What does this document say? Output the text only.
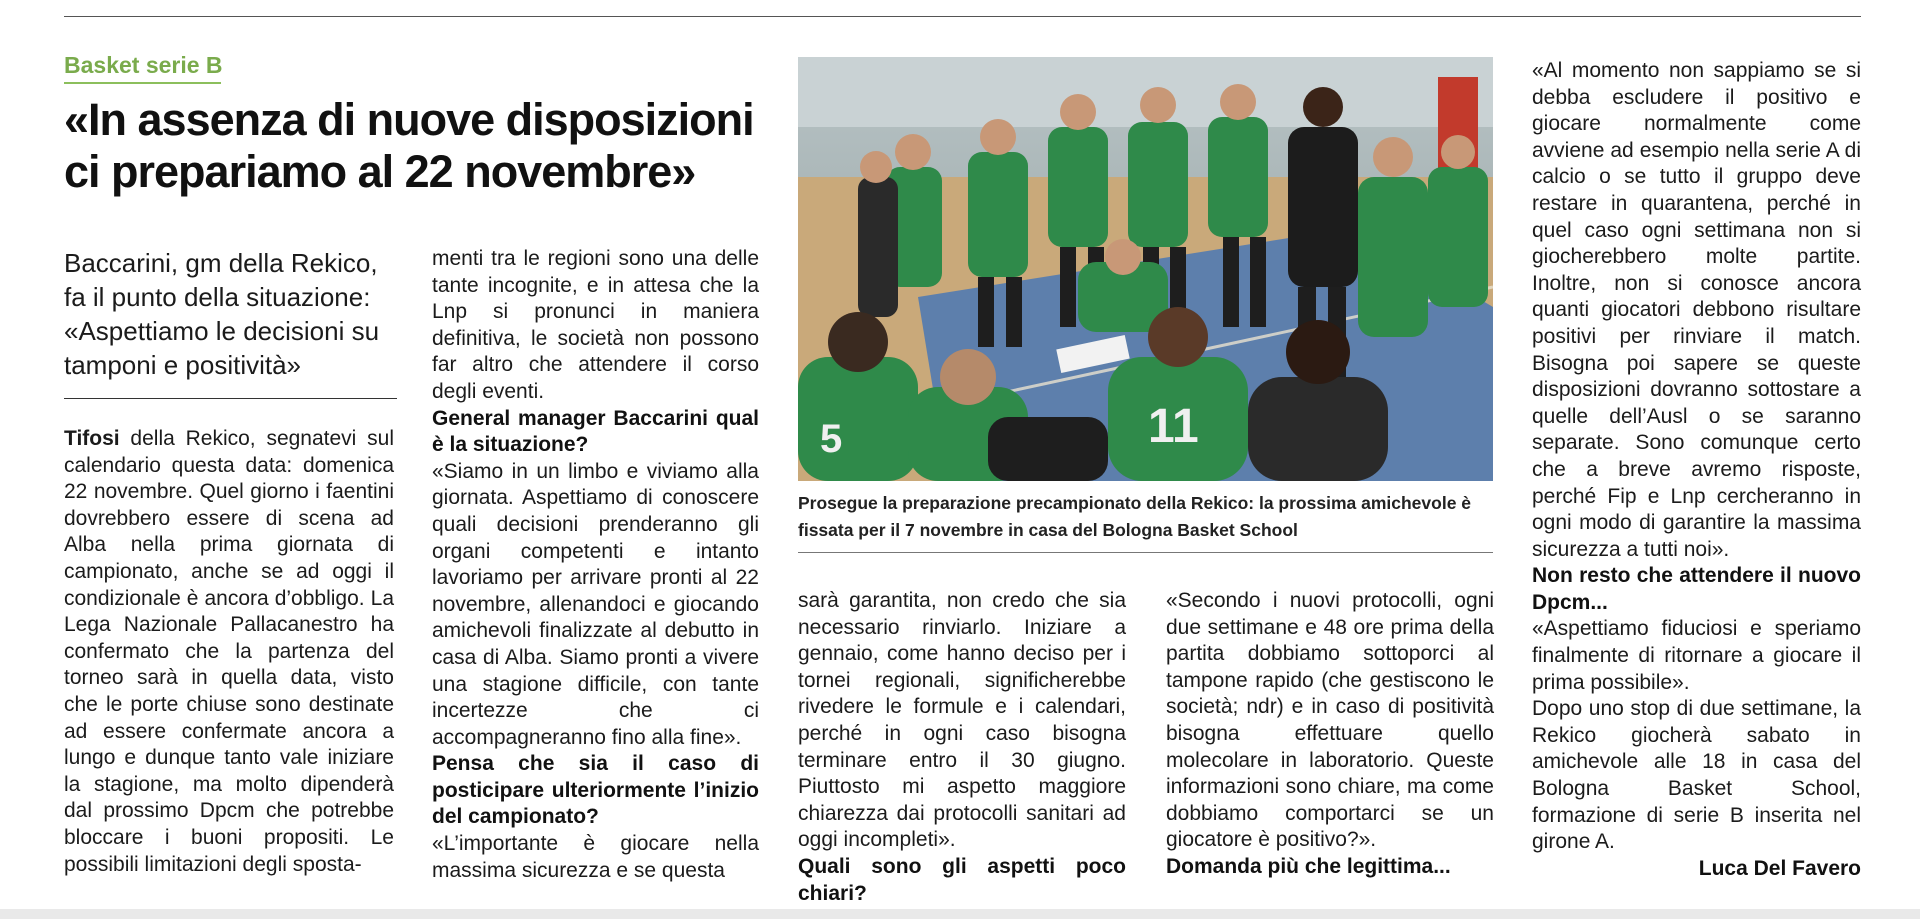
Basket serie B
«In assenza di nuove disposizioni
ci prepariamo al 22 novembre»
Baccarini, gm della Rekico, fa il punto della situazione: «Aspettiamo le decisioni su tamponi e positività»

Tifosi della Rekico, segnatevi sul calendario questa data: domenica 22 novembre. Quel giorno i faentini dovrebbero essere di scena ad Alba nella prima giornata di campionato, anche se ad oggi il condizionale è ancora d’obbligo. La Lega Nazionale Pallacanestro ha confermato che la partenza del torneo sarà in quella data, visto che le porte chiuse sono destinate ad essere confermate ancora a lungo e dunque tanto vale iniziare la stagione, ma molto dipenderà dal prossimo Dpcm che potrebbe bloccare i buoni propositi. Le possibili limitazioni degli sposta-

menti tra le regioni sono una delle tante incognite, e in attesa che la Lnp si pronunci in maniera definitiva, le società non possono far altro che attendere il corso degli eventi.

General manager Baccarini qual è la situazione?

«Siamo in un limbo e viviamo alla giornata. Aspettiamo di conoscere quali decisioni prenderanno gli organi competenti e intanto lavoriamo per arrivare pronti al 22 novembre, allenandoci e giocando amichevoli finalizzate al debutto in casa di Alba. Siamo pronti a vivere una stagione difficile, con tante incertezze che ci accompagneranno fino alla fine».

Pensa che sia il caso di posticipare ulteriormente l’inizio del campionato?

«L’importante è giocare nella massima sicurezza e se questa

5	11
Prosegue la preparazione precampionato della Rekico: la prossima amichevole è fissata per il 7 novembre in casa del Bologna Basket School

sarà garantita, non credo che sia necessario rinviarlo. Iniziare a gennaio, come hanno deciso per i tornei regionali, significherebbe rivedere le formule e i calendari, perché in ogni caso bisogna terminare entro il 30 giugno. Piuttosto mi aspetto maggiore chiarezza dai protocolli sanitari ad oggi incompleti».

Quali sono gli aspetti poco chiari?

«Secondo i nuovi protocolli, ogni due settimane e 48 ore prima della partita dobbiamo sottoporci al tampone rapido (che gestiscono le società; ndr) e in caso di positività bisogna effettuare quello molecolare in laboratorio. Queste informazioni sono chiare, ma come dobbiamo comportarci se un giocatore è positivo?».

Domanda più che legittima...

«Al momento non sappiamo se si debba escludere il positivo e giocare normalmente come avviene ad esempio nella serie A di calcio o se tutto il gruppo deve restare in quarantena, perché in quel caso ogni settimana non si giocherebbero molte partite. Inoltre, non si conosce ancora quanti giocatori debbono risultare positivi per rinviare il match. Bisogna poi sapere se queste disposizioni dovranno sottostare a quelle dell’Ausl o se saranno separate. Sono comunque certo che a breve avremo risposte, perché Fip e Lnp cercheranno in ogni modo di garantire la massima sicurezza a tutti noi».

Non resto che attendere il nuovo Dpcm...

«Aspettiamo fiduciosi e speriamo finalmente di ritornare a giocare il prima possibile».

Dopo uno stop di due settimane, la Rekico giocherà sabato in amichevole alle 18 in casa del Bologna Basket School, formazione di serie B inserita nel girone A.

Luca Del Favero
